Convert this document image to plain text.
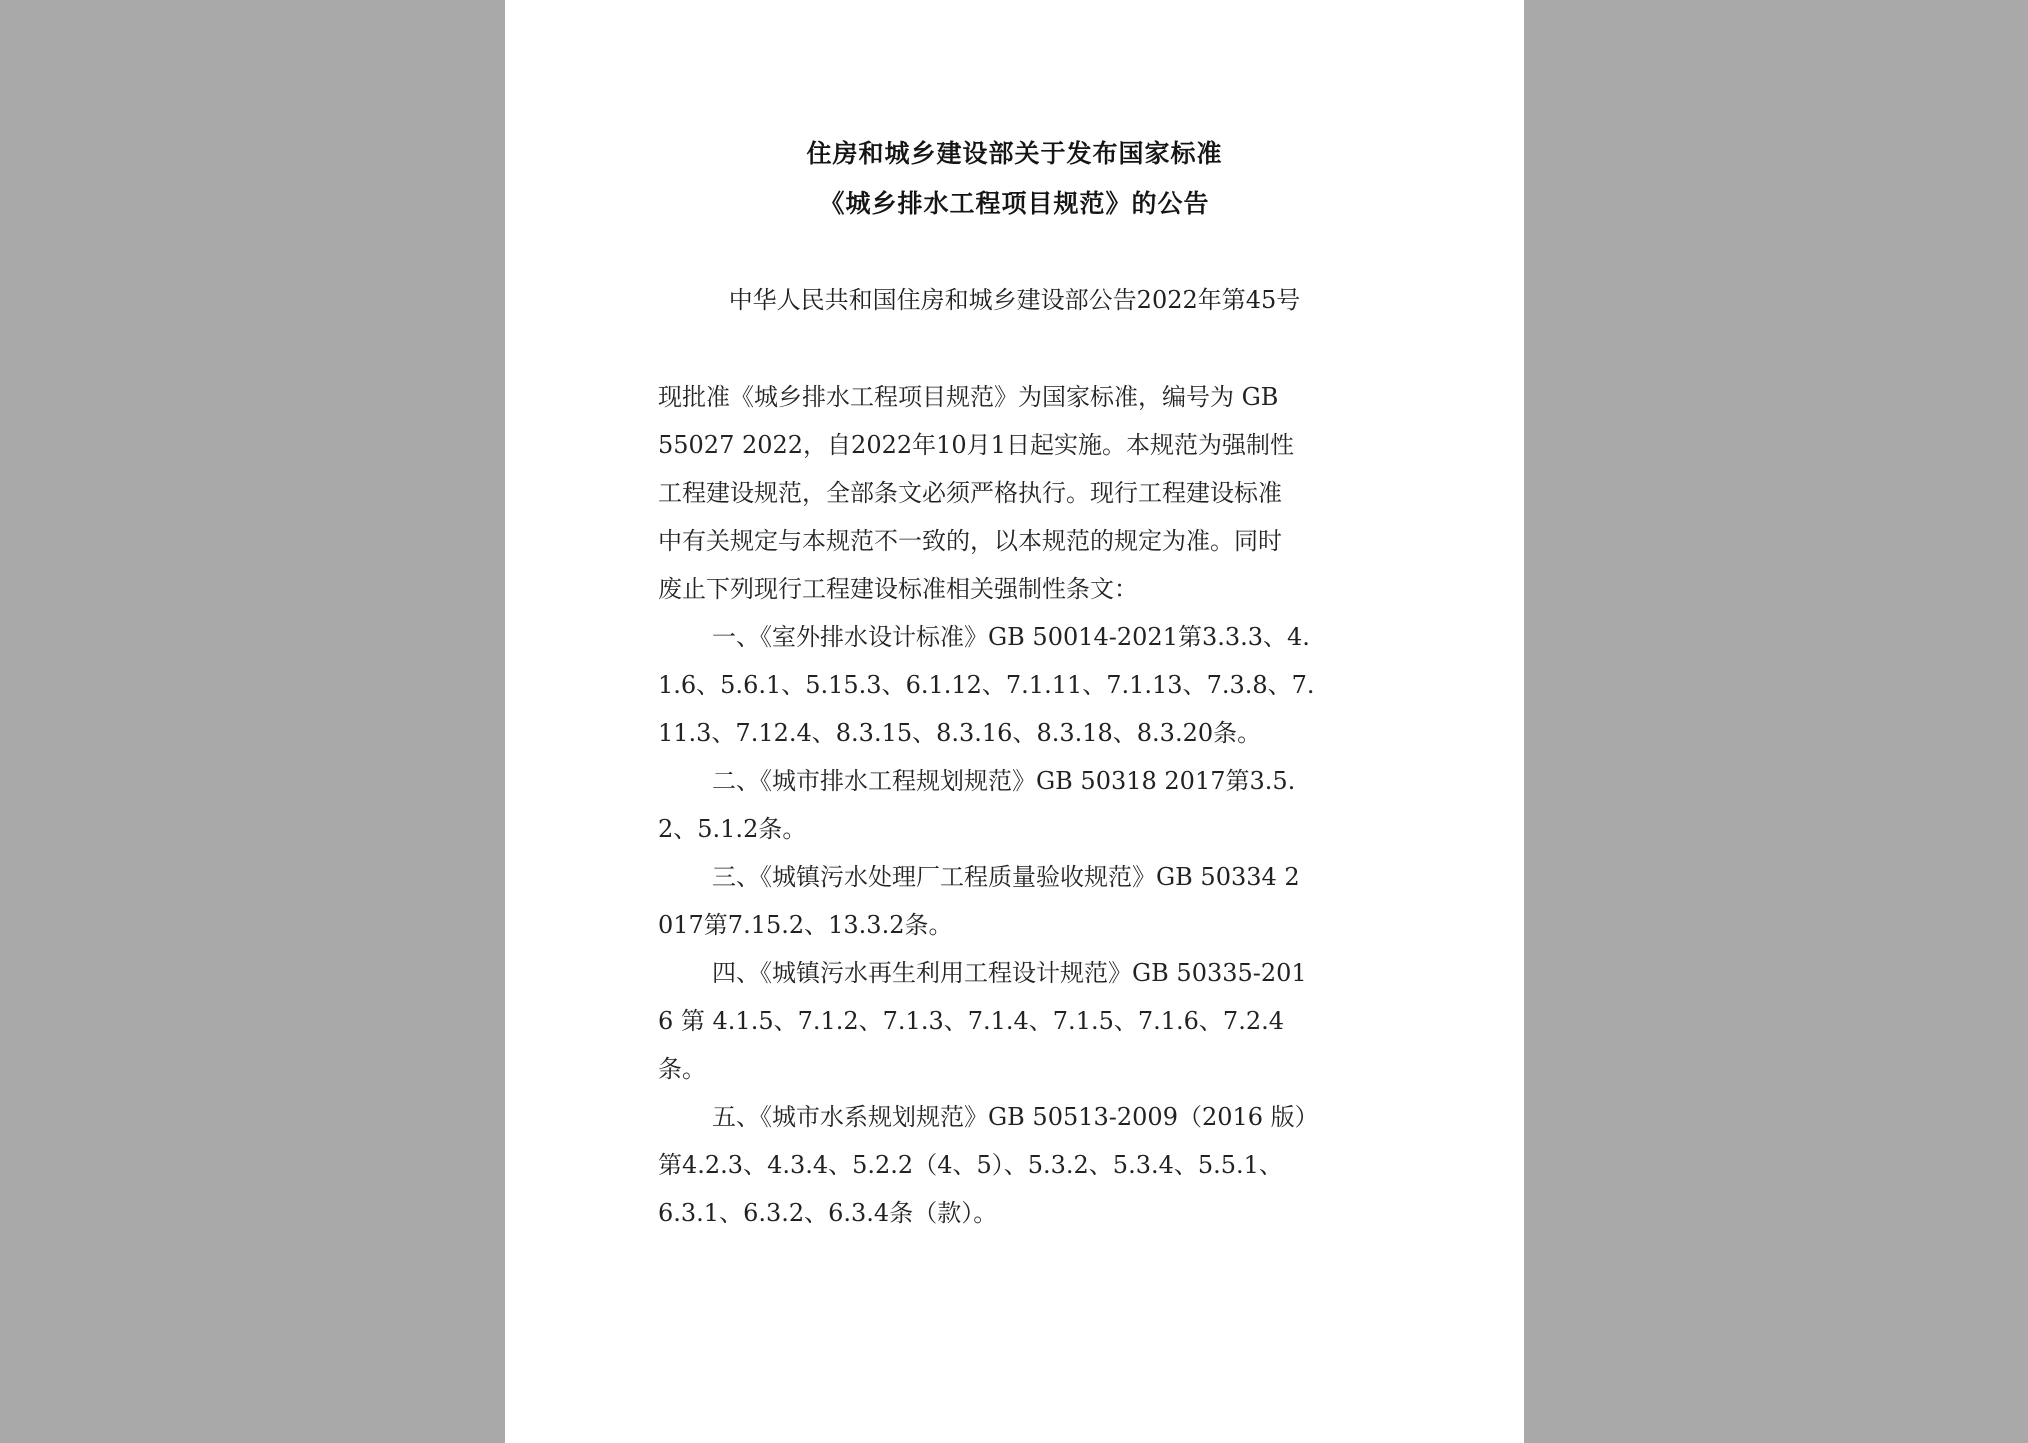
住房和城乡建设部关于发布国家标准
《城乡排水工程项目规范》的公告
中华人民共和国住房和城乡建设部公告2022年第45号
现批准《城乡排水工程项目规范》为国家标准，编号为 GB
55027 2022，自2022年10月1日起实施。本规范为强制性
工程建设规范，全部条文必须严格执行。现行工程建设标准
中有关规定与本规范不一致的，以本规范的规定为准。同时
废止下列现行工程建设标准相关强制性条文：
一、《室外排水设计标准》GB 50014-2021第3.3.3、4.
1.6、5.6.1、5.15.3、6.1.12、7.1.11、7.1.13、7.3.8、7.
11.3、7.12.4、8.3.15、8.3.16、8.3.18、8.3.20条。
二、《城市排水工程规划规范》GB 50318 2017第3.5.
2、5.1.2条。
三、《城镇污水处理厂工程质量验收规范》GB 50334 2
017第7.15.2、13.3.2条。
四、《城镇污水再生利用工程设计规范》GB 50335-201
6 第 4.1.5、7.1.2、7.1.3、7.1.4、7.1.5、7.1.6、7.2.4
条。
五、《城市水系规划规范》GB 50513-2009（2016 版）
第4.2.3、4.3.4、5.2.2（4、5）、5.3.2、5.3.4、5.5.1、
6.3.1、6.3.2、6.3.4条（款）。
